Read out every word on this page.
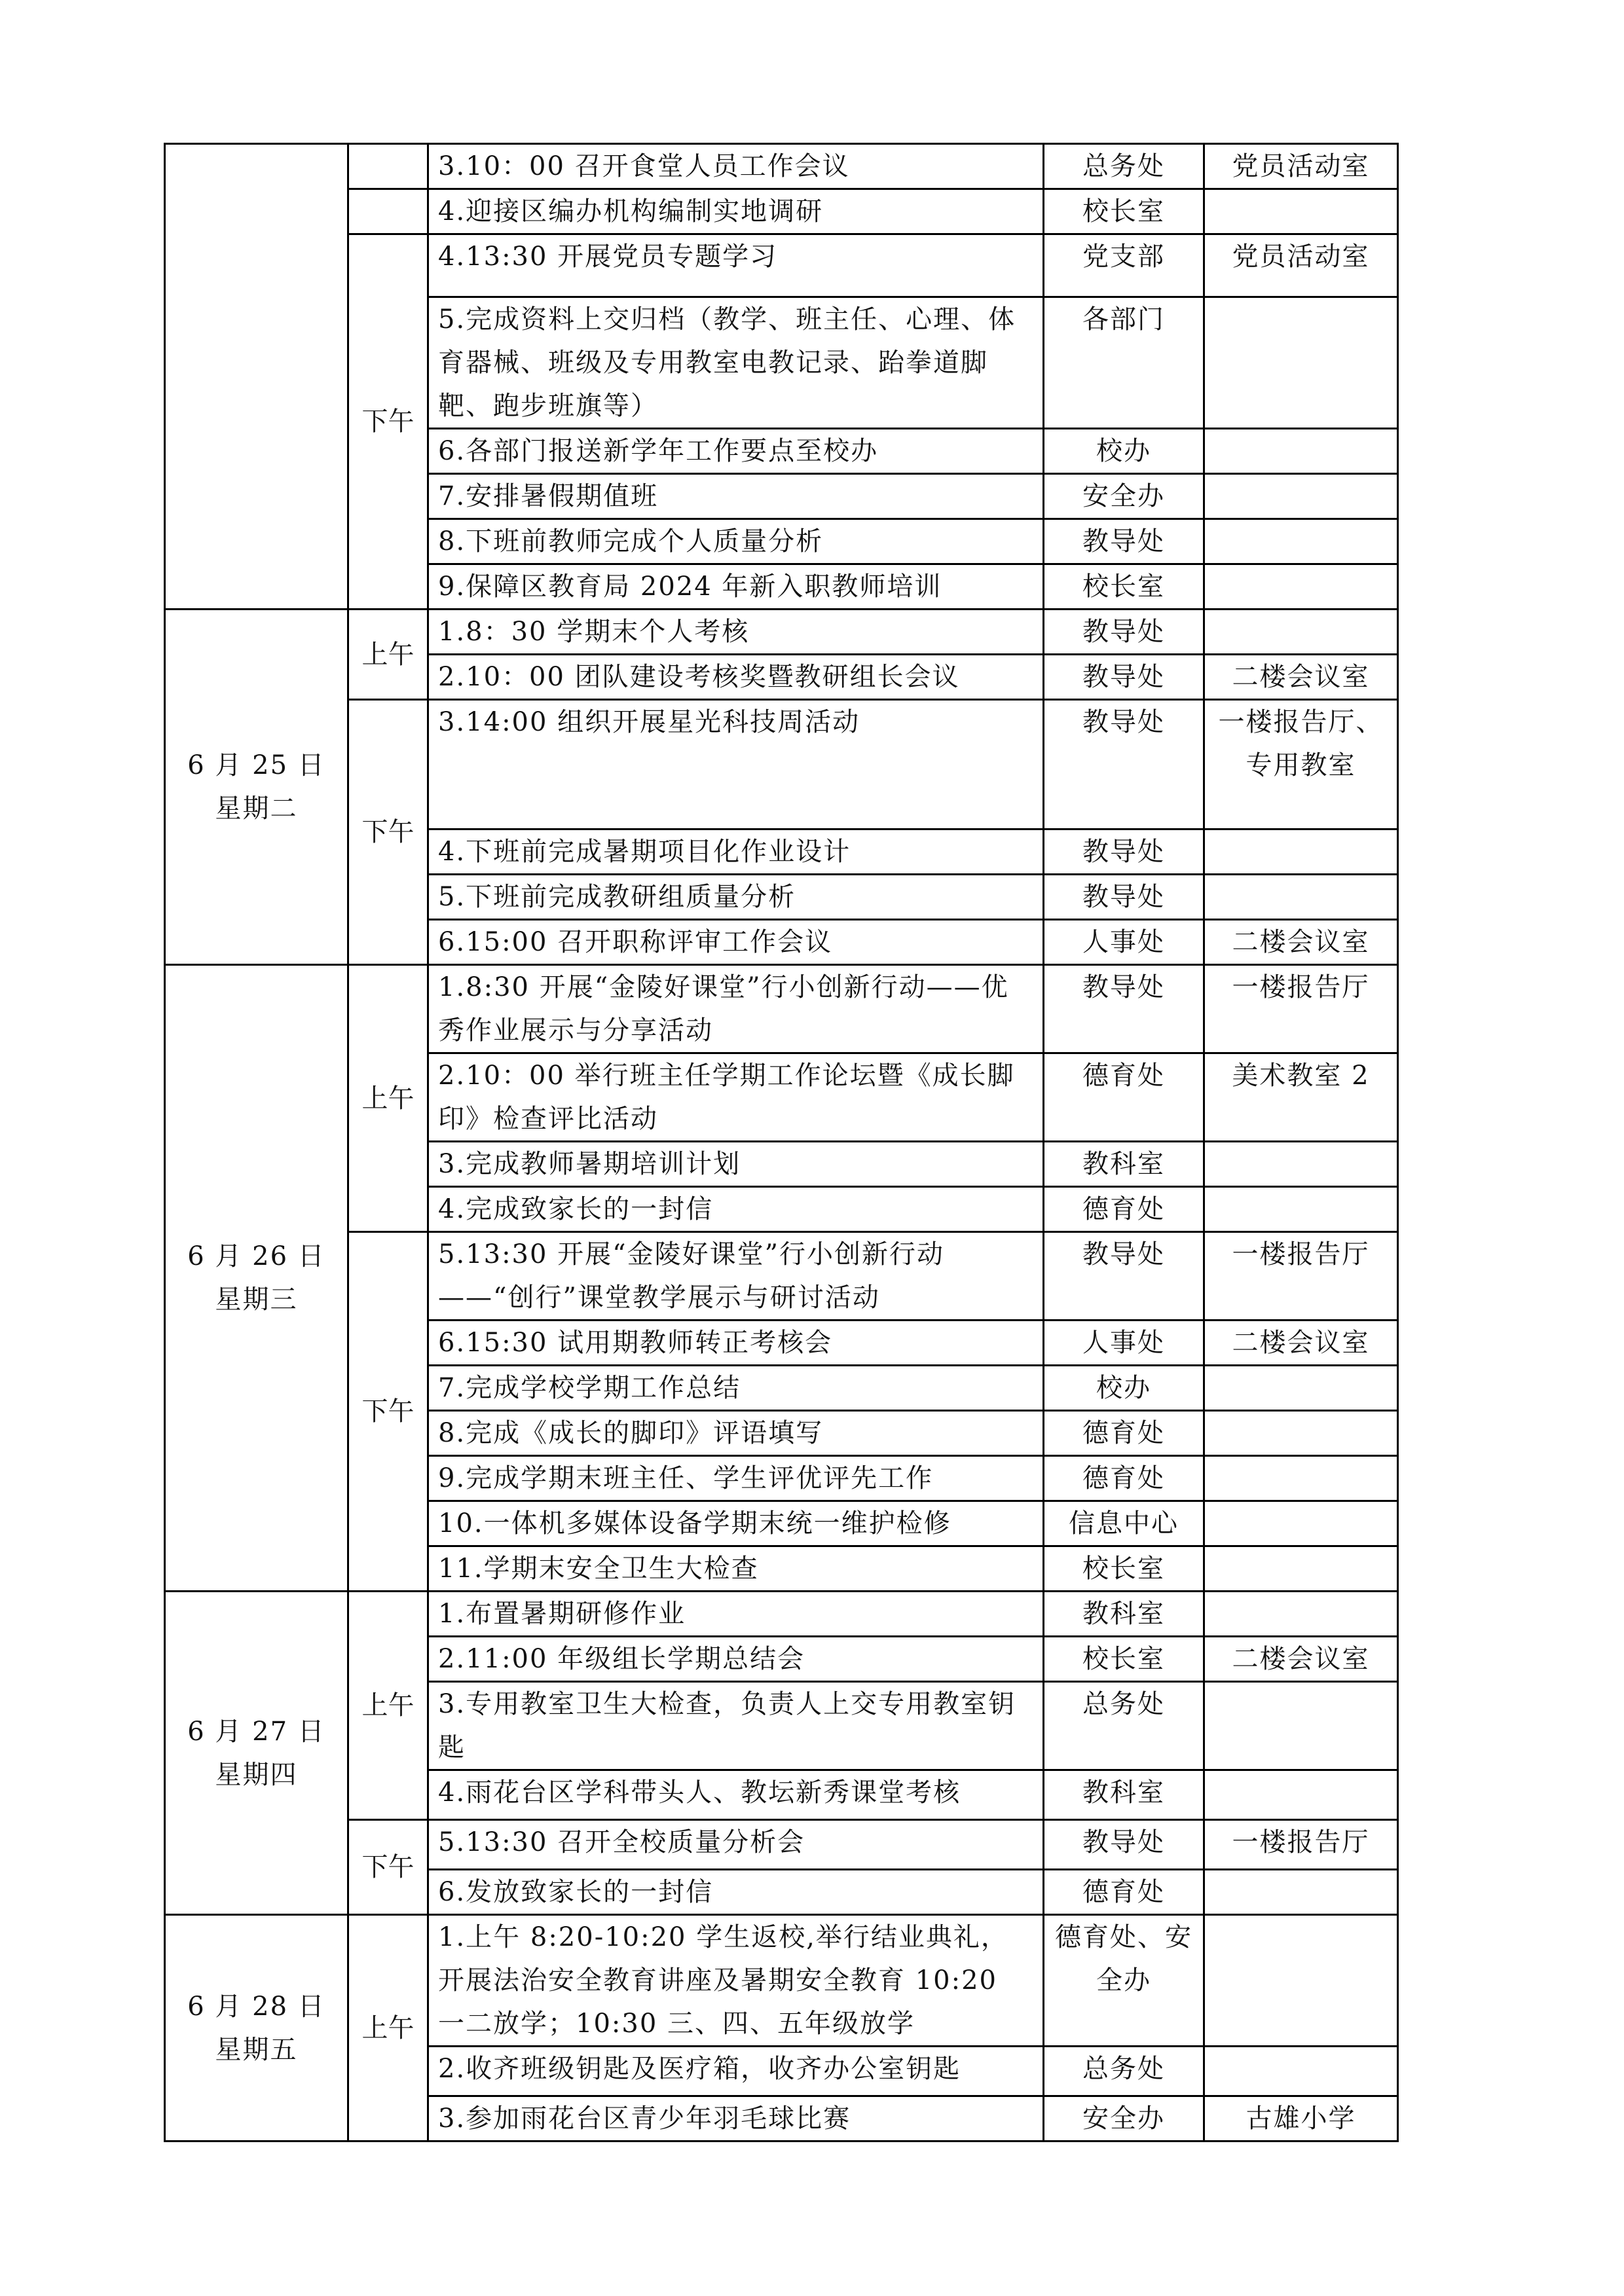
		3.10：00 召开食堂人员工作会议	总务处	党员活动室
		4.迎接区编办机构编制实地调研	校长室	
	下午	4.13:30 开展党员专题学习	党支部	党员活动室
		5.完成资料上交归档（教学、班主任、心理、体育器械、班级及专用教室电教记录、跆拳道脚靶、跑步班旗等）	各部门	
		6.各部门报送新学年工作要点至校办	校办	
		7.安排暑假期值班	安全办	
		8.下班前教师完成个人质量分析	教导处	
		9.保障区教育局 2024 年新入职教师培训	校长室	
6 月 25 日 星期二	上午	1.8：30 学期末个人考核	教导处	
		2.10：00 团队建设考核奖暨教研组长会议	教导处	二楼会议室
	下午	3.14:00 组织开展星光科技周活动	教导处	一楼报告厅、专用教室
		4.下班前完成暑期项目化作业设计	教导处	
		5.下班前完成教研组质量分析	教导处	
		6.15:00 召开职称评审工作会议	人事处	二楼会议室
6 月 26 日 星期三	上午	1.8:30 开展“金陵好课堂”行小创新行动——优秀作业展示与分享活动	教导处	一楼报告厅
		2.10：00 举行班主任学期工作论坛暨《成长脚印》检查评比活动	德育处	美术教室 2
		3.完成教师暑期培训计划	教科室	
		4.完成致家长的一封信	德育处	
	下午	5.13:30 开展“金陵好课堂”行小创新行动——“创行”课堂教学展示与研讨活动	教导处	一楼报告厅
		6.15:30 试用期教师转正考核会	人事处	二楼会议室
		7.完成学校学期工作总结	校办	
		8.完成《成长的脚印》评语填写	德育处	
		9.完成学期末班主任、学生评优评先工作	德育处	
		10.一体机多媒体设备学期末统一维护检修	信息中心	
		11.学期末安全卫生大检查	校长室	
6 月 27 日 星期四	上午	1.布置暑期研修作业	教科室	
		2.11:00 年级组长学期总结会	校长室	二楼会议室
		3.专用教室卫生大检查，负责人上交专用教室钥匙	总务处	
		4.雨花台区学科带头人、教坛新秀课堂考核	教科室	
	下午	5.13:30 召开全校质量分析会	教导处	一楼报告厅
		6.发放致家长的一封信	德育处	
6 月 28 日 星期五	上午	1.上午 8:20-10:20 学生返校,举行结业典礼，开展法治安全教育讲座及暑期安全教育 10:20 一二放学；10:30 三、四、五年级放学	德育处、安全办	
		2.收齐班级钥匙及医疗箱，收齐办公室钥匙	总务处	
		3.参加雨花台区青少年羽毛球比赛	安全办	古雄小学
